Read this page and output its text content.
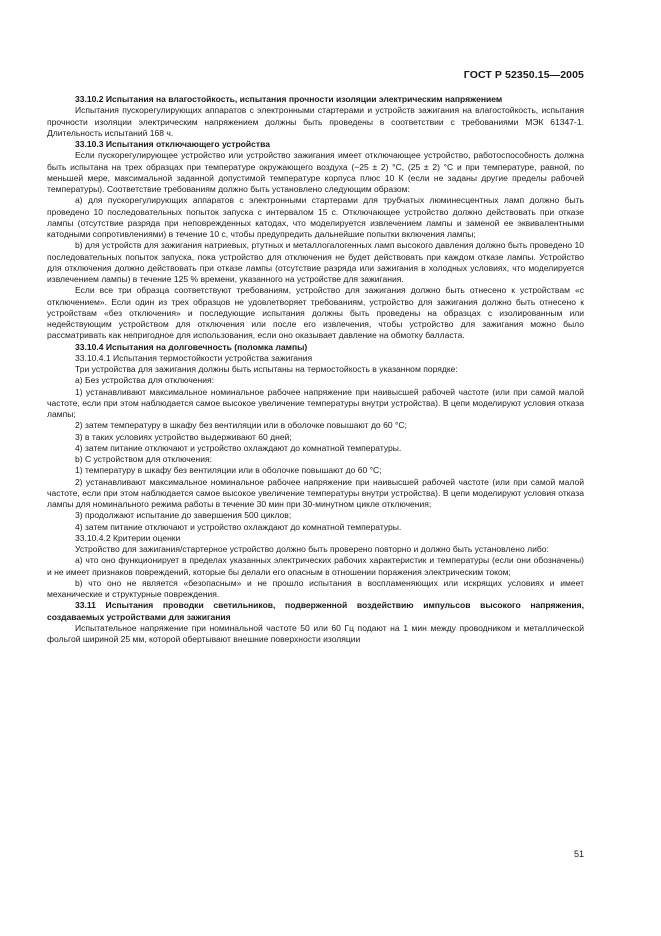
ГОСТ Р 52350.15—2005

33.10.2 Испытания на влагостойкость, испытания прочности изоляции электрическим напряжением

Испытания пускорегулирующих аппаратов с электронными стартерами и устройств зажигания на влагостойкость, испытания прочности изоляции электрическим напряжением должны быть проведены в соответствии с требованиями МЭК 61347-1. Длительность испытаний 168 ч.

33.10.3 Испытания отключающего устройства

Если пускорегулирующее устройство или устройство зажигания имеет отключающее устройство, работоспособность должна быть испытана на трех образцах при температуре окружающего воздуха (−25 ± 2) °С, (25 ± 2) °С и при температуре, равной, по меньшей мере, максимальной заданной допустимой температуре корпуса плюс 10 К (если не заданы другие пределы рабочей температуры). Соответствие требованиям должно быть установлено следующим образом:

а) для пускорегулирующих аппаратов с электронными стартерами для трубчатых люминесцентных ламп должно быть проведено 10 последовательных попыток запуска с интервалом 15 с. Отключающее устройство должно действовать при отказе лампы (отсутствие разряда при неповрежденных катодах, что моделируется извлечением лампы и заменой ее эквивалентными катодными сопротивлениями) в течение 10 с, чтобы предупредить дальнейшие попытки включения лампы;

b) для устройств для зажигания натриевых, ртутных и металлогалогенных ламп высокого давления должно быть проведено 10 последовательных попыток запуска, пока устройство для отключения не будет действовать при каждом отказе лампы. Устройство для отключения должно действовать при отказе лампы (отсутствие разряда или зажигания в холодных условиях, что моделируется извлечением лампы) в течение 125 % времени, указанного на устройстве для зажигания.

Если все три образца соответствуют требованиям, устройство для зажигания должно быть отнесено к устройствам «с отключением». Если один из трех образцов не удовлетворяет требованиям, устройство для зажигания должно быть отнесено к устройствам «без отключения» и последующие испытания должны быть проведены на образцах с изолированным или недействующим устройством для отключения или после его извлечения, чтобы устройство для зажигания можно было рассматривать как непригодное для использования, если оно оказывает давление на обмотку балласта.

33.10.4 Испытания на долговечность (поломка лампы)

33.10.4.1 Испытания термостойкости устройства зажигания

Три устройства для зажигания должны быть испытаны на термостойкость в указанном порядке:

а) Без устройства для отключения:

1) устанавливают максимальное номинальное рабочее напряжение при наивысшей рабочей частоте (или при самой малой частоте, если при этом наблюдается самое высокое увеличение температуры внутри устройства). В цепи моделируют условия отказа лампы;

2) затем температуру в шкафу без вентиляции или в оболочке повышают до 60 °С;

3) в таких условиях устройство выдерживают 60 дней;

4) затем питание отключают и устройство охлаждают до комнатной температуры.

b) С устройством для отключения:

1) температуру в шкафу без вентиляции или в оболочке повышают до 60 °С;

2) устанавливают максимальное номинальное рабочее напряжение при наивысшей рабочей частоте (или при самой малой частоте, если при этом наблюдается самое высокое увеличение температуры внутри устройства). В цепи моделируют условия отказа лампы для номинального режима работы в течение 30 мин при 30-минутном цикле отключения;

3) продолжают испытание до завершения 500 циклов;

4) затем питание отключают и устройство охлаждают до комнатной температуры.

33.10.4.2 Критерии оценки

Устройство для зажигания/стартерное устройство должно быть проверено повторно и должно быть установлено либо:

а) что оно функционирует в пределах указанных электрических рабочих характеристик и температуры (если они обозначены) и не имеет признаков повреждений, которые бы делали его опасным в отношении поражения электрическим током;

b) что оно не является «безопасным» и не прошло испытания в воспламеняющих или искрящих условиях и имеет механические и структурные повреждения.

33.11 Испытания проводки светильников, подверженной воздействию импульсов высокого напряжения, создаваемых устройствами для зажигания

Испытательное напряжение при номинальной частоте 50 или 60 Гц подают на 1 мин между проводником и металлической фольгой шириной 25 мм, которой обертывают внешние поверхности изоляции

51
